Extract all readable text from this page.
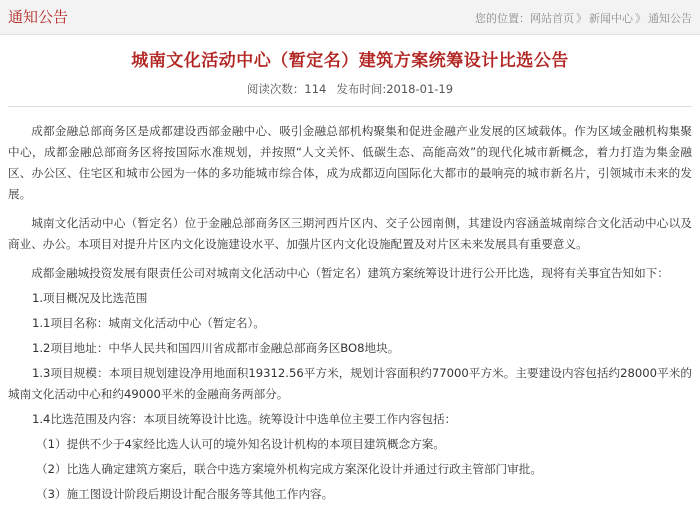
通知公告	您的位置：网站首页 》 新闻中心 》 通知公告
城南文化活动中心（暂定名）建筑方案统筹设计比选公告
阅读次数：114 发布时间:2018-01-19

成都金融总部商务区是成都建设西部金融中心、吸引金融总部机构聚集和促进金融产业发展的区域载体。作为区域金融机构集聚中心，成都金融总部商务区将按国际水准规划，并按照“人文关怀、低碳生态、高能高效”的现代化城市新概念，着力打造为集金融区、办公区、住宅区和城市公园为一体的多功能城市综合体，成为成都迈向国际化大都市的最响亮的城市新名片，引领城市未来的发展。

城南文化活动中心（暂定名）位于金融总部商务区三期河西片区内、交子公园南侧，其建设内容涵盖城南综合文化活动中心以及商业、办公。本项目对提升片区内文化设施建设水平、加强片区内文化设施配置及对片区未来发展具有重要意义。

成都金融城投资发展有限责任公司对城南文化活动中心（暂定名）建筑方案统筹设计进行公开比选，现将有关事宜告知如下：

1.项目概况及比选范围

1.1项目名称：城南文化活动中心（暂定名）。

1.2项目地址：中华人民共和国四川省成都市金融总部商务区BO8地块。

1.3项目规模：本项目规划建设净用地面积19312.56平方米，规划计容面积约77000平方米。主要建设内容包括约28000平米的城南文化活动中心和约49000平米的金融商务两部分。

1.4比选范围及内容：本项目统筹设计比选。统筹设计中选单位主要工作内容包括：

（1）提供不少于4家经比选人认可的境外知名设计机构的本项目建筑概念方案。

（2）比选人确定建筑方案后，联合中选方案境外机构完成方案深化设计并通过行政主管部门审批。

（3）施工图设计阶段后期设计配合服务等其他工作内容。
